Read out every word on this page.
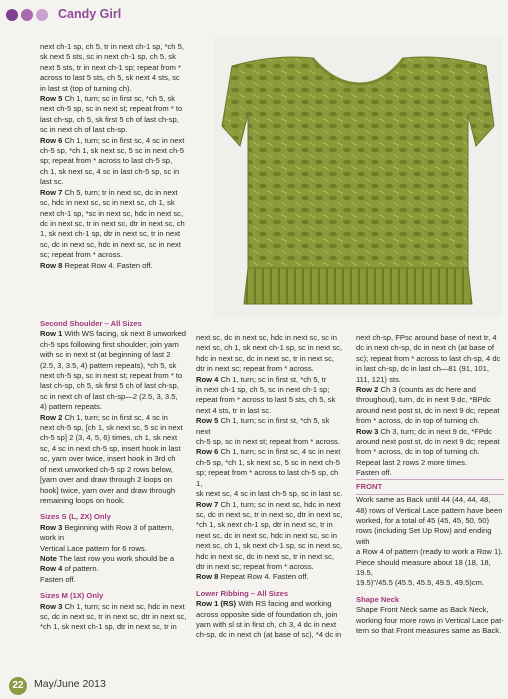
Candy Girl

next ch-1 sp, ch 5, tr in next ch-1 sp, *ch 5,

sk next 5 sts, sc in next ch-1 sp, ch 5, sk

next 5 sts, tr in next ch-1 sp; repeat from *

across to last 5 sts, ch 5, sk next 4 sts, sc

in last st (top of turning ch).

Row 5 Ch 1, turn; sc in first sc, *ch 5, sk

next ch-5 sp, sc in next st; repeat from * to

last ch-sp, ch 5, sk first 5 ch of last ch-sp,

sc in next ch of last ch-sp.

Row 6 Ch 1, turn; sc in first sc, 4 sc in next

ch-5 sp, *ch 1, sk next sc, 5 sc in next ch-5

sp; repeat from * across to last ch-5 sp,

ch 1, sk next sc, 4 sc in last ch-5 sp, sc in

last sc.

Row 7 Ch 5, turn; tr in next sc, dc in next

sc, hdc in next sc, sc in next sc, ch 1, sk

next ch-1 sp, *sc in next sc, hdc in next sc,

dc in next sc, tr in next sc, dtr in next sc, ch

1, sk next ch-1 sp, dtr in next sc, tr in next

sc, dc in next sc, hdc in next sc, sc in next

sc; repeat from * across.

Row 8 Repeat Row 4. Fasten off.

Second Shoulder – All Sizes

Row 1 With WS facing, sk next 8 unworked

ch-5 sps following first shoulder; join yarn

with sc in next st (at beginning of last 2

(2.5, 3, 3.5, 4) pattern repeats), *ch 5, sk

next ch-5 sp, sc in next st; repeat from * to

last ch-sp, ch 5, sk first 5 ch of last ch-sp,

sc in next ch of last ch-sp—2 (2.5, 3, 3.5,

4) pattern repeats.

Row 2 Ch 1, turn; sc in first sc, 4 sc in

next ch-5 sp, [ch 1, sk next sc, 5 sc in next

ch-5 sp] 2 (3, 4, 5, 6) times, ch 1, sk next

sc, 4 sc in next ch-5 sp, insert hook in last

sc, yarn over twice, insert hook in 3rd ch

of next unworked ch-5 sp 2 rows below,

[yarn over and draw through 2 loops on

hook] twice, yarn over and draw through

remaining loops on hook.

Sizes S (L, 2X) Only

Row 3 Beginning with Row 3 of pattern, work in

Vertical Lace pattern for 6 rows.

Note The last row you work should be a

Row 4 of pattern.

Fasten off.

Sizes M (1X) Only

Row 3 Ch 1, turn; sc in next sc, hdc in next

sc, dc in next sc, tr in next sc, dtr in next sc,

*ch 1, sk next ch-1 sp, dtr in next sc, tr in

next sc, dc in next sc, hdc in next sc, sc in

next sc, ch 1, sk next ch-1 sp, sc in next sc,

hdc in next sc, dc in next sc, tr in next sc,

dtr in next sc; repeat from * across.

Row 4 Ch 1, turn; sc in first st, *ch 5, tr

in next ch-1 sp, ch 5, sc in next ch-1 sp;

repeat from * across to last 5 sts, ch 5, sk

next 4 sts, tr in last sc.

Row 5 Ch 1, turn; sc in first st, *ch 5, sk next

ch-5 sp, sc in next st; repeat from * across.

Row 6 Ch 1, turn; sc in first sc, 4 sc in next

ch-5 sp, *ch 1, sk next sc, 5 sc in next ch-5

sp; repeat from * across to last ch-5 sp, ch 1,

sk next sc, 4 sc in last ch-5 sp, sc in last sc.

Row 7 Ch 1, turn; sc in next sc, hdc in next

sc, dc in next sc, tr in next sc, dtr in next sc,

*ch 1, sk next ch-1 sp, dtr in next sc, tr in

next sc, dc in next sc, hdc in next sc, sc in

next sc, ch 1, sk next ch-1 sp, sc in next sc,

hdc in next sc, dc in next sc, tr in next sc,

dtr in next sc; repeat from * across.

Row 8 Repeat Row 4. Fasten off.

Lower Ribbing – All Sizes

Row 1 (RS) With RS facing and working

across opposite side of foundation ch, join

yarn with sl st in first ch, ch 3, 4 dc in next

ch-sp, dc in next ch (at base of sc), *4 dc in

next ch-sp, FPsc around base of next tr, 4

dc in next ch-sp, dc in next ch (at base of

sc); repeat from * across to last ch-sp, 4 dc

in last ch-sp, dc in last ch—81 (91, 101,

111, 121) sts.

Row 2 Ch 3 (counts as dc here and

throughout), turn, dc in next 9 dc, *BPdc

around next post st, dc in next 9 dc; repeat

from * across, dc in top of turning ch.

Row 3 Ch 3, turn; dc in next 9 dc, *FPdc

around next post st, dc in next 9 dc; repeat

from * across, dc in top of turning ch.

Repeat last 2 rows 2 more times.

Fasten off.

FRONT

Work same as Back until 44 (44, 44, 48,

48) rows of Vertical Lace pattern have been

worked, for a total of 45 (45, 45, 50, 50)

rows (including Set Up Row) and ending with

a Row 4 of pattern (ready to work a Row 1).

Piece should measure about 18 (18, 18, 19.5,

19.5)"/45.5 (45.5, 45.5, 49.5, 49.5)cm.

Shape Neck

Shape Front Neck same as Back Neck,

working four more rows in Vertical Lace pat-

tern so that Front measures same as Back.

22 May/June 2013
